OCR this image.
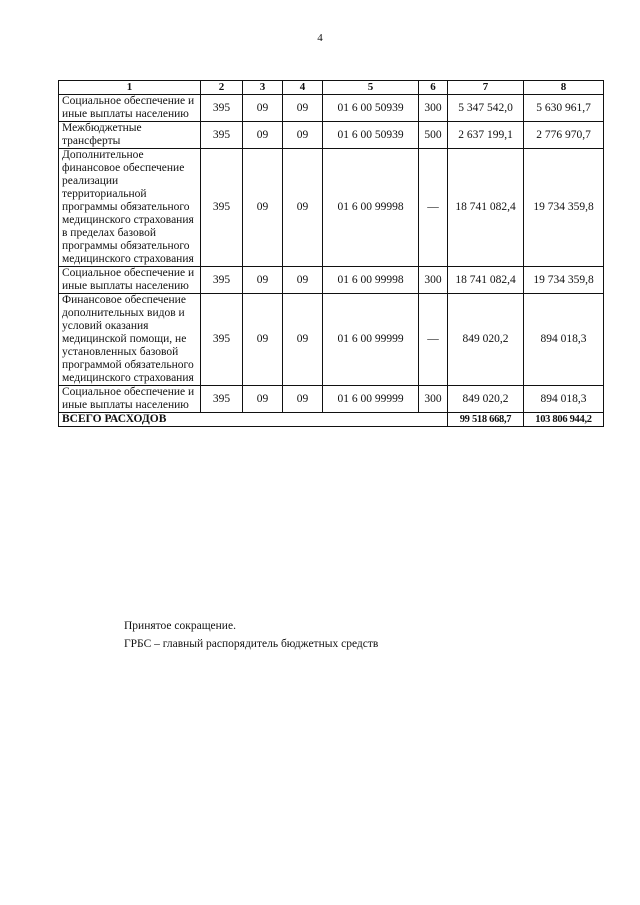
4
1	2	3	4	5	6	7	8
Социальное обеспечение и иные выплаты населению	395	09	09	01 6 00 50939	300	5 347 542,0	5 630 961,7
Межбюджетные трансферты	395	09	09	01 6 00 50939	500	2 637 199,1	2 776 970,7
Дополнительное финансовое обеспечение реализации территориальной программы обязательного медицинского страхования в пределах базовой программы обязательного медицинского страхования	395	09	09	01 6 00 99998	—	18 741 082,4	19 734 359,8
Социальное обеспечение и иные выплаты населению	395	09	09	01 6 00 99998	300	18 741 082,4	19 734 359,8
Финансовое обеспечение дополнительных видов и условий оказания медицинской помощи, не установленных базовой программой обязательного медицинского страхования	395	09	09	01 6 00 99999	—	849 020,2	894 018,3
Социальное обеспечение и иные выплаты населению	395	09	09	01 6 00 99999	300	849 020,2	894 018,3
ВСЕГО РАСХОДОВ						99 518 668,7	103 806 944,2
Принятое сокращение.
ГРБС – главный распорядитель бюджетных средств
